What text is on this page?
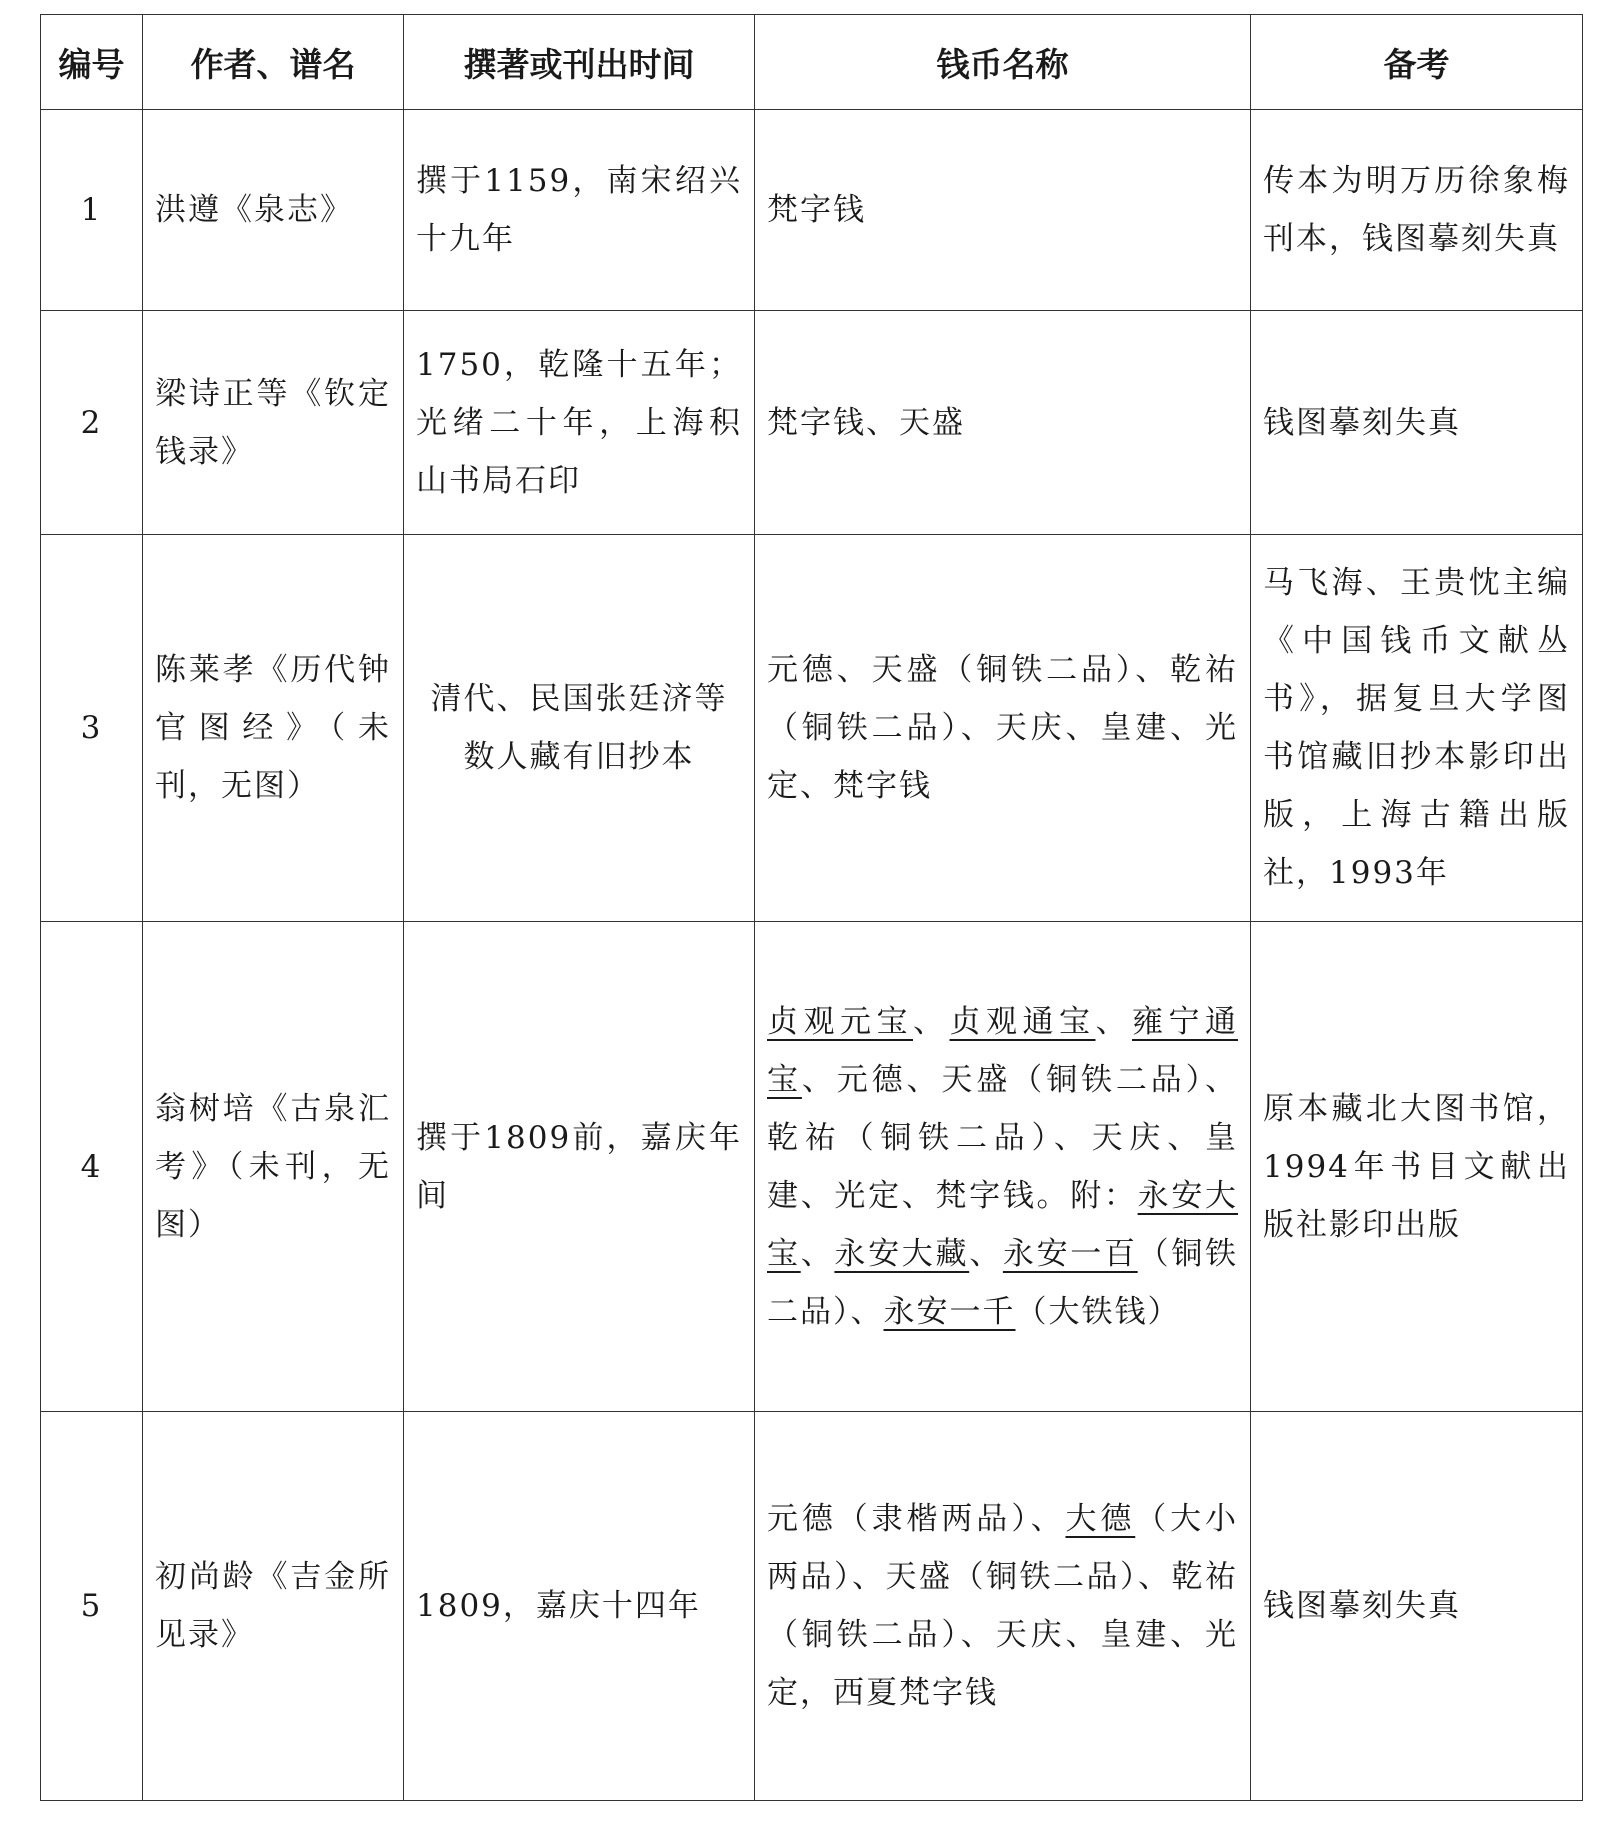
编号	作者、谱名	撰著或刊出时间	钱币名称	备考
1	洪遵《泉志》	撰于1159，南宋绍兴十九年	梵字钱	传本为明万历徐象梅刊本，钱图摹刻失真
2	梁诗正等《钦定钱录》	1750，乾隆十五年；光绪二十年，上海积山书局石印	梵字钱、天盛	钱图摹刻失真
3	陈莱孝《历代钟官图经》（未刊，无图）	清代、民国张廷济等数人藏有旧抄本	元德、天盛（铜铁二品）、乾祐（铜铁二品）、天庆、皇建、光定、梵字钱	马飞海、王贵忱主编《中国钱币文献丛书》，据复旦大学图书馆藏旧抄本影印出版，上海古籍出版社，1993年
4	翁树培《古泉汇考》（未刊，无图）	撰于1809前，嘉庆年间	贞观元宝、贞观通宝、雍宁通宝、元德、天盛（铜铁二品）、乾祐（铜铁二品）、天庆、皇建、光定、梵字钱。附：永安大宝、永安大藏、永安一百（铜铁二品）、永安一千（大铁钱）	原本藏北大图书馆，1994年书目文献出版社影印出版
5	初尚龄《吉金所见录》	1809，嘉庆十四年	元德（隶楷两品）、大德（大小两品）、天盛（铜铁二品）、乾祐（铜铁二品）、天庆、皇建、光定，西夏梵字钱	钱图摹刻失真
